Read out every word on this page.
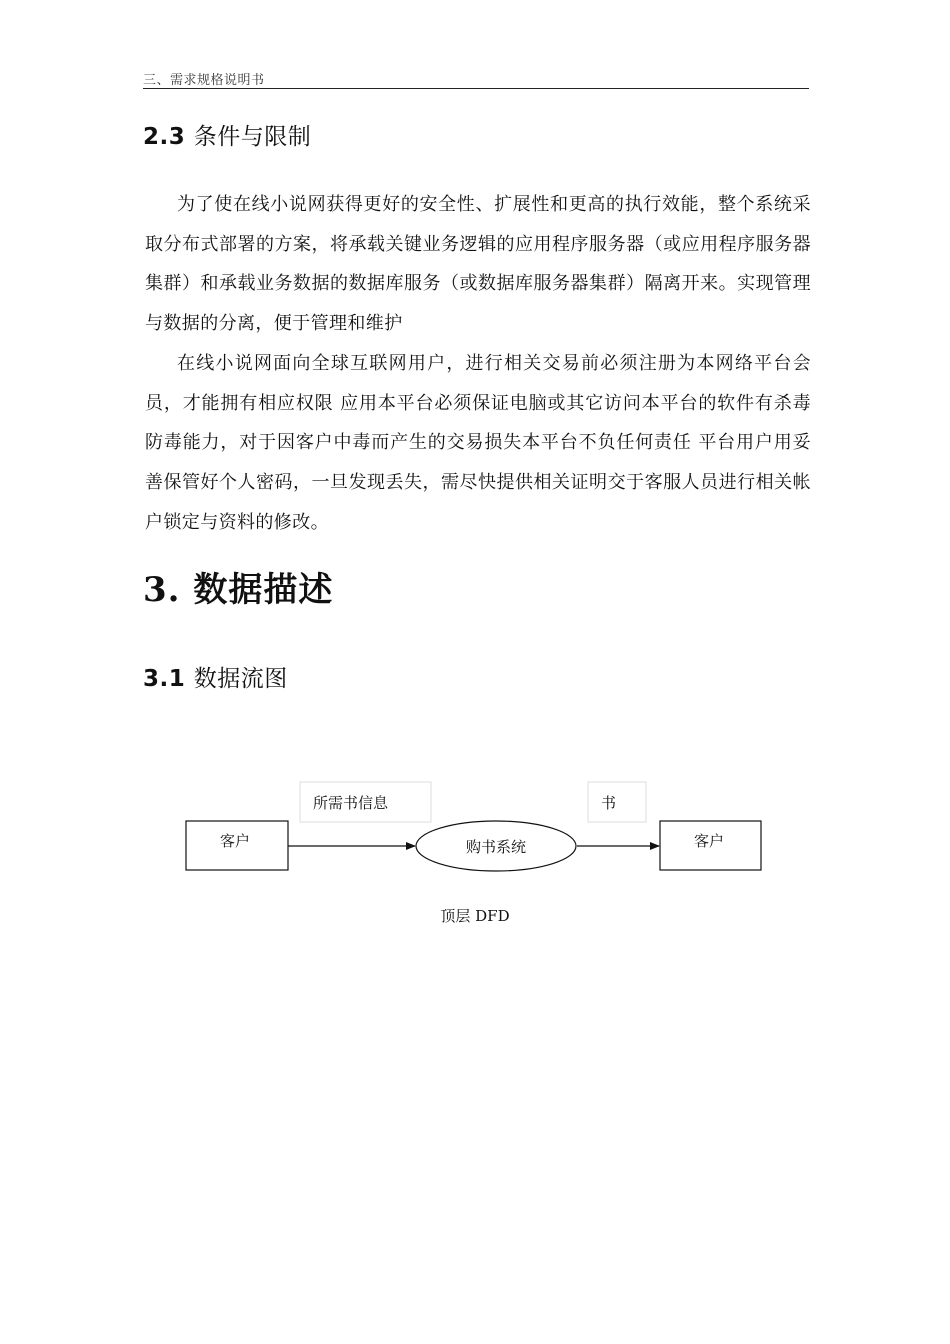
三、需求规格说明书
2.3 条件与限制

为了使在线小说网获得更好的安全性、扩展性和更高的执行效能，整个系统采取分布式部署的方案，将承载关键业务逻辑的应用程序服务器（或应用程序服务器集群）和承载业务数据的数据库服务（或数据库服务器集群）隔离开来。实现管理与数据的分离，便于管理和维护

在线小说网面向全球互联网用户，进行相关交易前必须注册为本网络平台会员，才能拥有相应权限 应用本平台必须保证电脑或其它访问本平台的软件有杀毒防毒能力，对于因客户中毒而产生的交易损失本平台不负任何责任 平台用户用妥善保管好个人密码，一旦发现丢失，需尽快提供相关证明交于客服人员进行相关帐户锁定与资料的修改。

3. 数据描述
3.1 数据流图
所需书信息	书
客户	客户
购书系统
顶层 DFD
